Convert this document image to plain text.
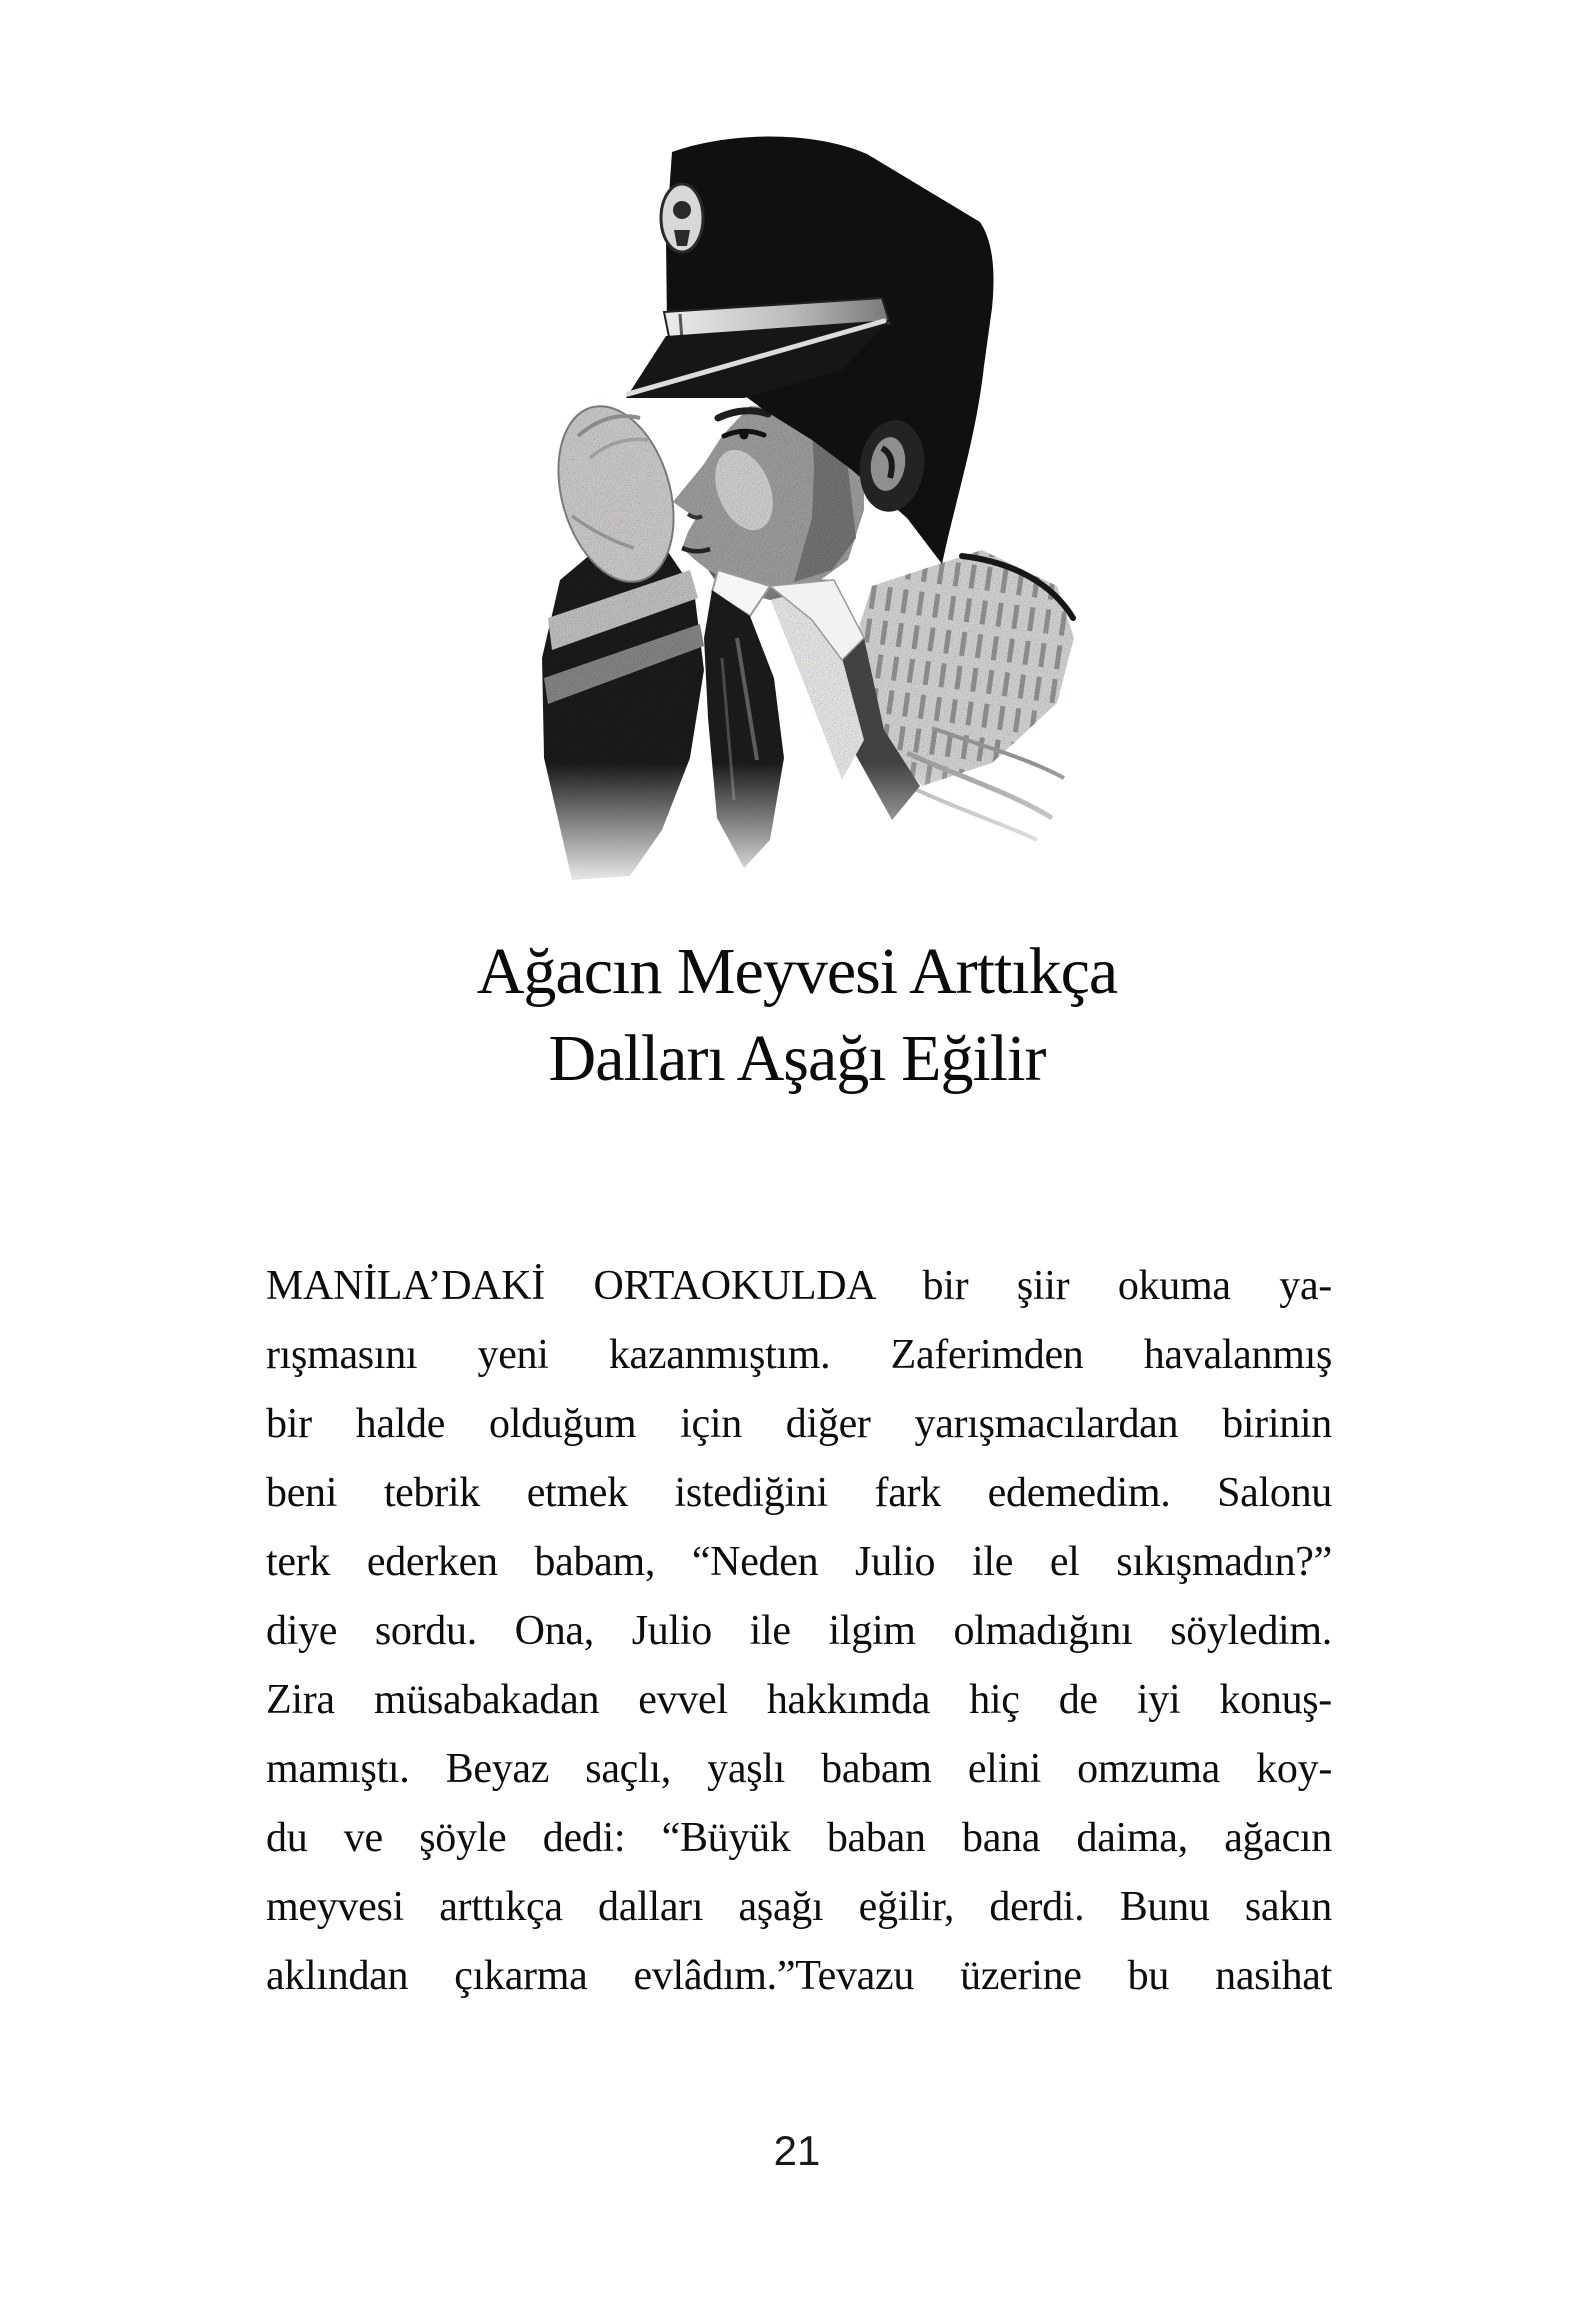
Ağacın Meyvesi Arttıkça
Dalları Aşağı Eğilir
MANİLA’DAKİ ORTAOKULDA bir şiir okuma ya-
rışmasını yeni kazanmıştım. Zaferimden havalanmış
bir halde olduğum için diğer yarışmacılardan birinin
beni tebrik etmek istediğini fark edemedim. Salonu
terk ederken babam, “Neden Julio ile el sıkışmadın?”
diye sordu. Ona, Julio ile ilgim olmadığını söyledim.
Zira müsabakadan evvel hakkımda hiç de iyi konuş-
mamıştı. Beyaz saçlı, yaşlı babam elini omzuma koy-
du ve şöyle dedi: “Büyük baban bana daima, ağacın
meyvesi arttıkça dalları aşağı eğilir, derdi. Bunu sakın
aklından çıkarma evlâdım.”Tevazu üzerine bu nasihat
21
